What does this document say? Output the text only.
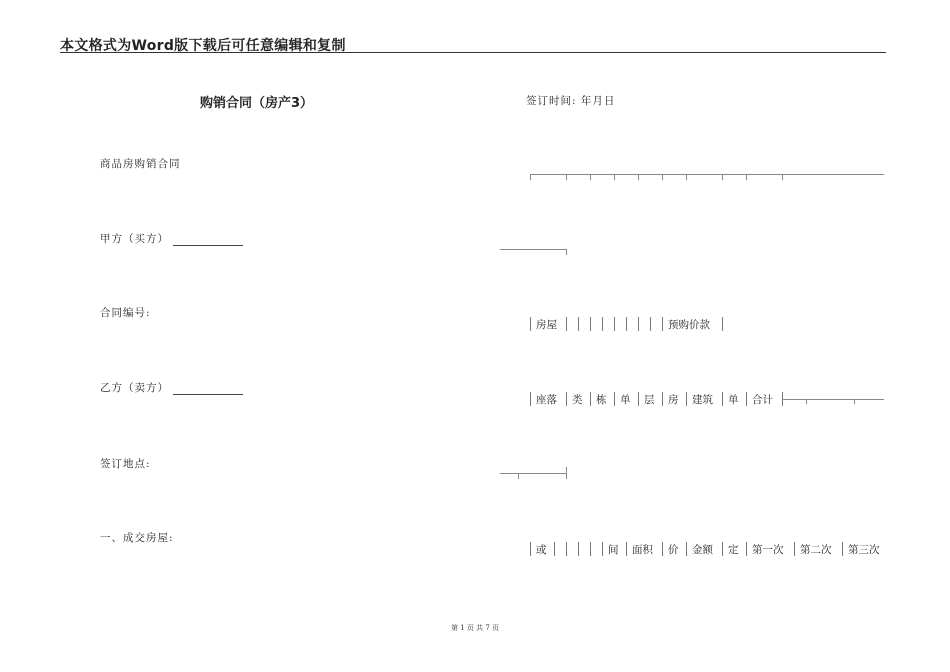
本文格式为Word版下载后可任意编辑和复制
购销合同（房产3）
商品房购销合同
甲方（买方）
合同编号:
乙方（卖方）
签订地点:
一、成交房屋:
签订时间: 年月日
房屋	预购价款
座落 类 栋 单 层 房 建筑 单 合计
或	间 面积 价 金额 定 第一次 第二次 第三次
第 1 页 共 7 页
